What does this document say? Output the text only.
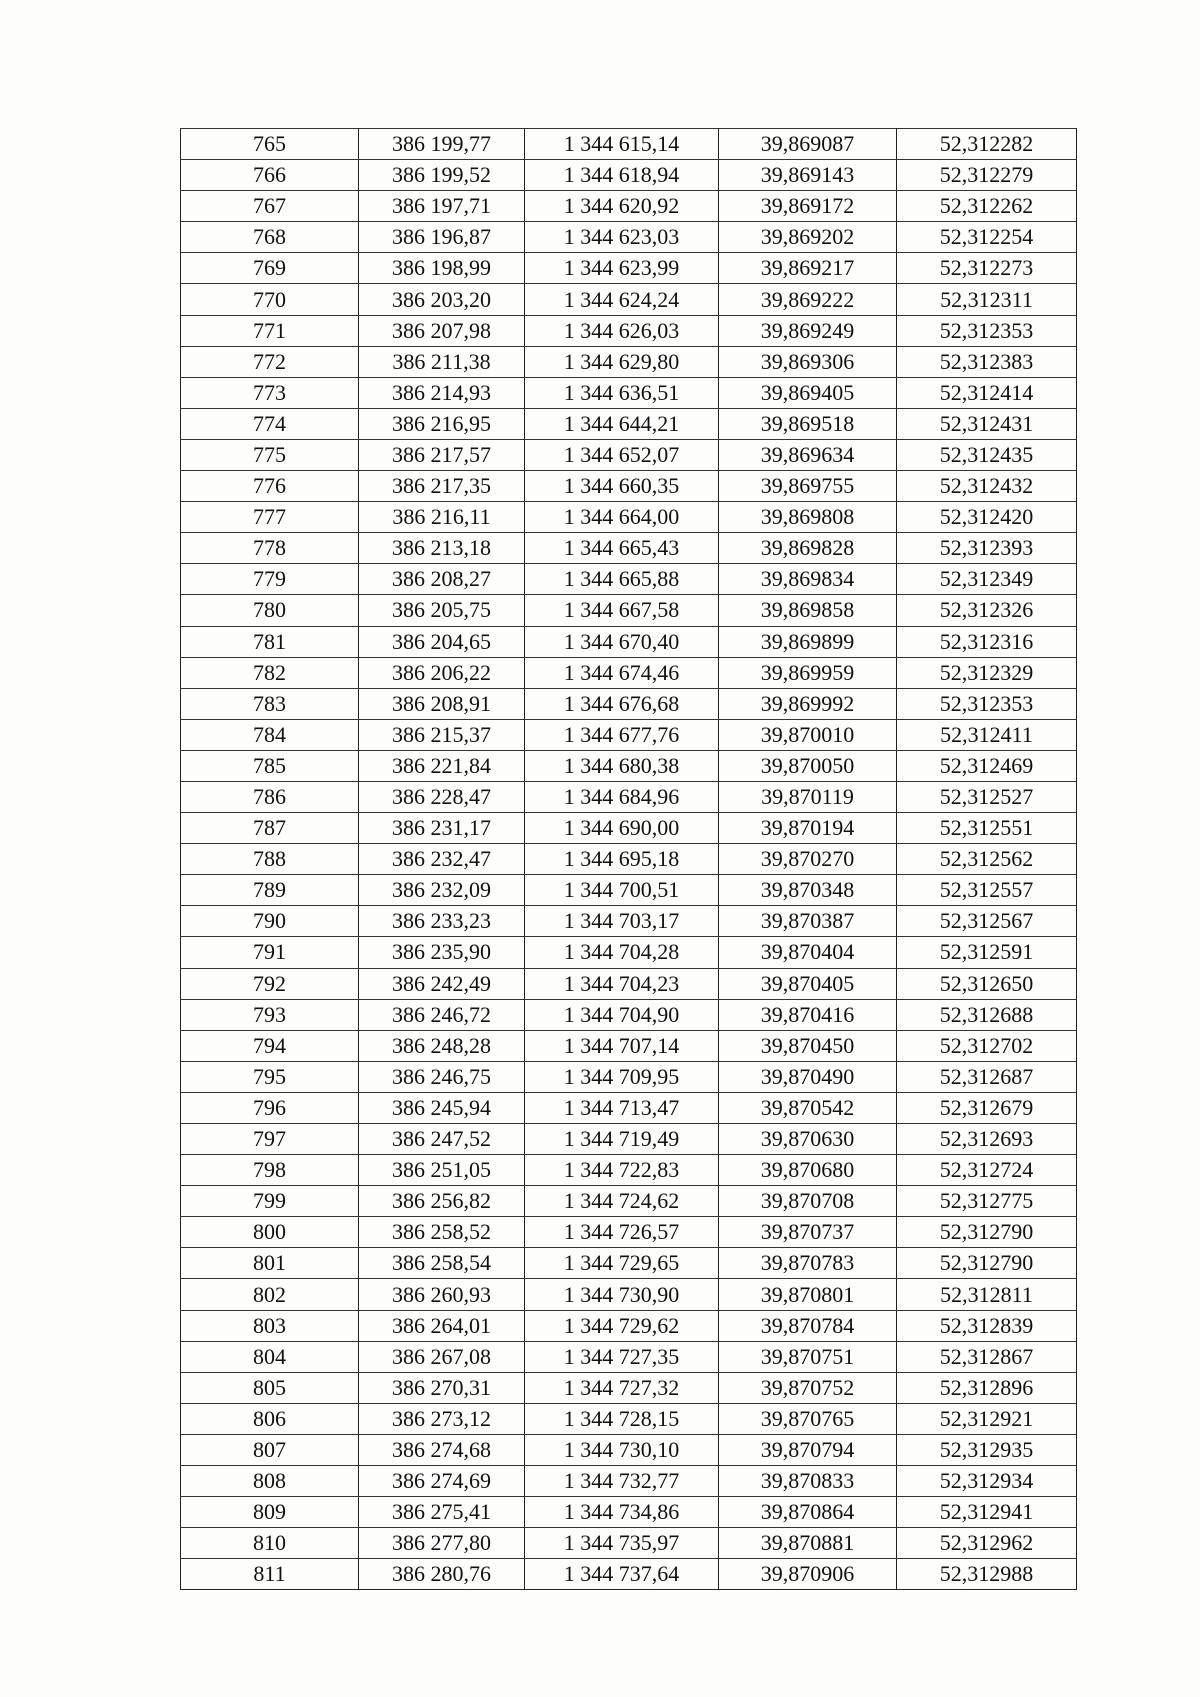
765	386 199,77	1 344 615,14	39,869087	52,312282
766	386 199,52	1 344 618,94	39,869143	52,312279
767	386 197,71	1 344 620,92	39,869172	52,312262
768	386 196,87	1 344 623,03	39,869202	52,312254
769	386 198,99	1 344 623,99	39,869217	52,312273
770	386 203,20	1 344 624,24	39,869222	52,312311
771	386 207,98	1 344 626,03	39,869249	52,312353
772	386 211,38	1 344 629,80	39,869306	52,312383
773	386 214,93	1 344 636,51	39,869405	52,312414
774	386 216,95	1 344 644,21	39,869518	52,312431
775	386 217,57	1 344 652,07	39,869634	52,312435
776	386 217,35	1 344 660,35	39,869755	52,312432
777	386 216,11	1 344 664,00	39,869808	52,312420
778	386 213,18	1 344 665,43	39,869828	52,312393
779	386 208,27	1 344 665,88	39,869834	52,312349
780	386 205,75	1 344 667,58	39,869858	52,312326
781	386 204,65	1 344 670,40	39,869899	52,312316
782	386 206,22	1 344 674,46	39,869959	52,312329
783	386 208,91	1 344 676,68	39,869992	52,312353
784	386 215,37	1 344 677,76	39,870010	52,312411
785	386 221,84	1 344 680,38	39,870050	52,312469
786	386 228,47	1 344 684,96	39,870119	52,312527
787	386 231,17	1 344 690,00	39,870194	52,312551
788	386 232,47	1 344 695,18	39,870270	52,312562
789	386 232,09	1 344 700,51	39,870348	52,312557
790	386 233,23	1 344 703,17	39,870387	52,312567
791	386 235,90	1 344 704,28	39,870404	52,312591
792	386 242,49	1 344 704,23	39,870405	52,312650
793	386 246,72	1 344 704,90	39,870416	52,312688
794	386 248,28	1 344 707,14	39,870450	52,312702
795	386 246,75	1 344 709,95	39,870490	52,312687
796	386 245,94	1 344 713,47	39,870542	52,312679
797	386 247,52	1 344 719,49	39,870630	52,312693
798	386 251,05	1 344 722,83	39,870680	52,312724
799	386 256,82	1 344 724,62	39,870708	52,312775
800	386 258,52	1 344 726,57	39,870737	52,312790
801	386 258,54	1 344 729,65	39,870783	52,312790
802	386 260,93	1 344 730,90	39,870801	52,312811
803	386 264,01	1 344 729,62	39,870784	52,312839
804	386 267,08	1 344 727,35	39,870751	52,312867
805	386 270,31	1 344 727,32	39,870752	52,312896
806	386 273,12	1 344 728,15	39,870765	52,312921
807	386 274,68	1 344 730,10	39,870794	52,312935
808	386 274,69	1 344 732,77	39,870833	52,312934
809	386 275,41	1 344 734,86	39,870864	52,312941
810	386 277,80	1 344 735,97	39,870881	52,312962
811	386 280,76	1 344 737,64	39,870906	52,312988
